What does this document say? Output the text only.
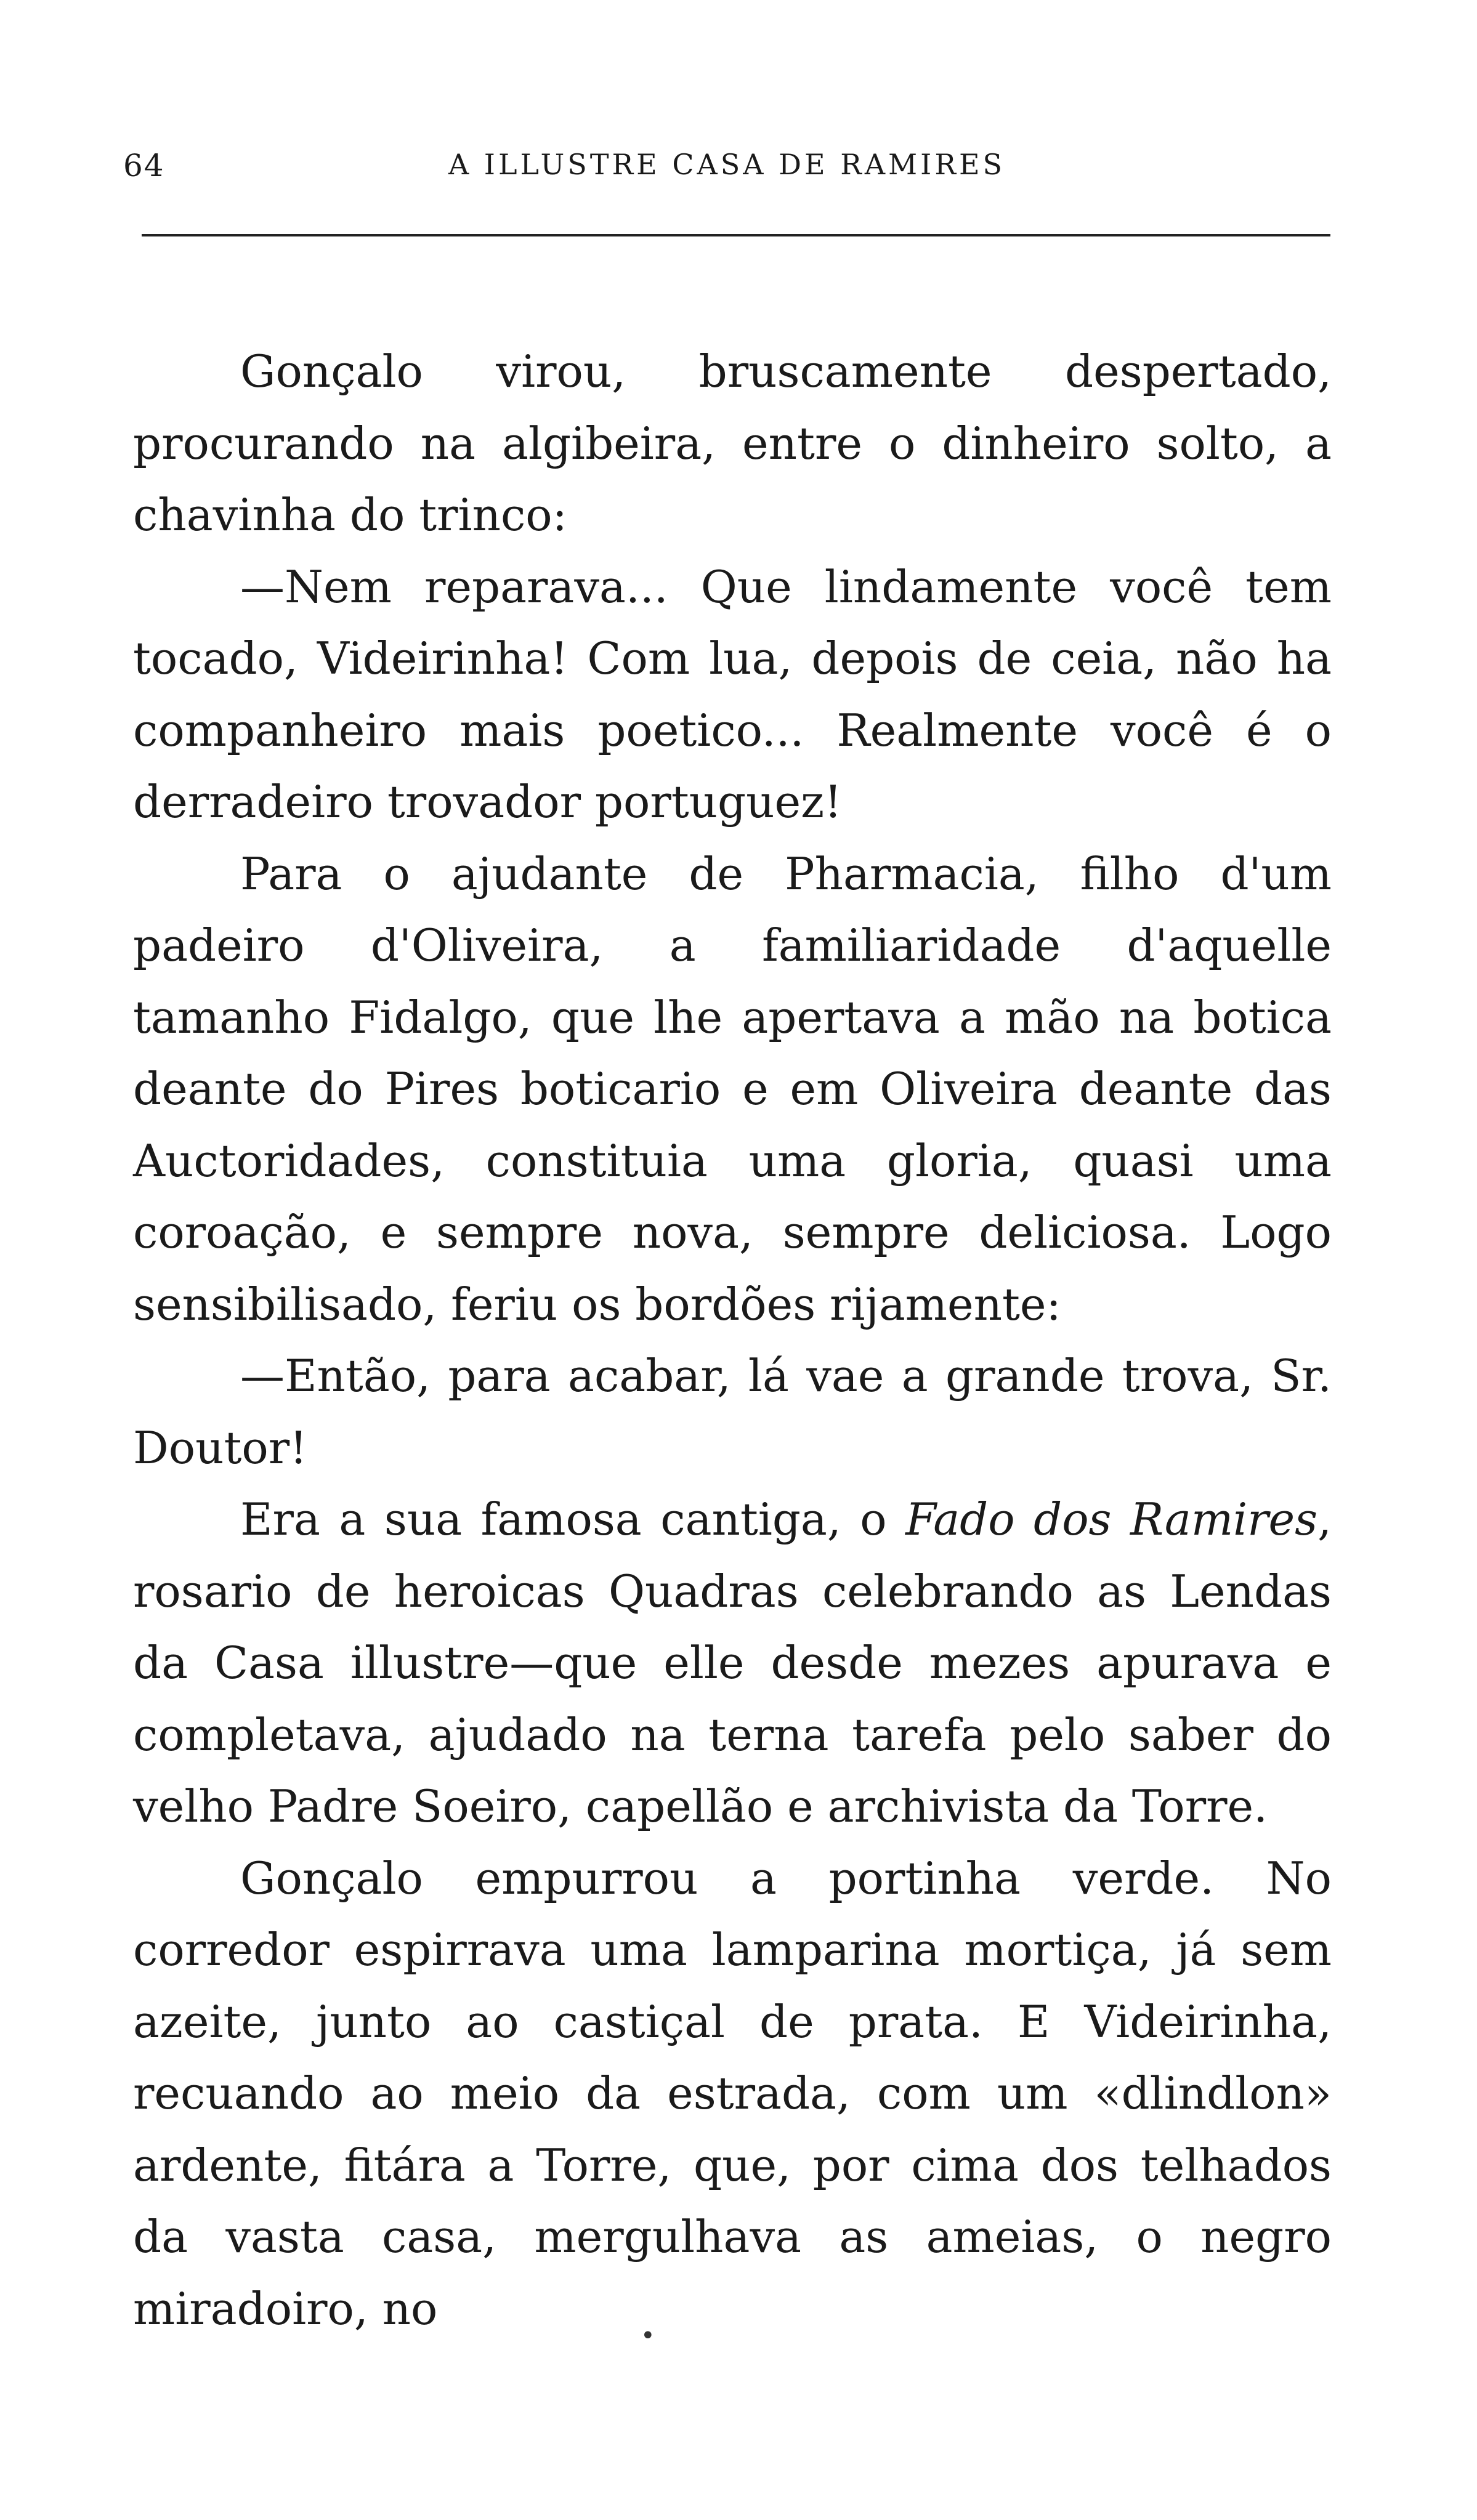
64	A ILLUSTRE CASA DE RAMIRES

Gonçalo virou, bruscamente despertado, procurando na algibeira, entre o dinheiro solto, a chavinha do trinco:

—Nem reparava... Que lindamente você tem tocado, Videirinha! Com lua, depois de ceia, não ha companheiro mais poetico... Realmente você é o derradeiro trovador portuguez!

Para o ajudante de Pharmacia, filho d'um padeiro d'Oliveira, a familiaridade d'aquelle tamanho Fidalgo, que lhe apertava a mão na botica deante do Pires boticario e em Oliveira deante das Auctoridades, constituia uma gloria, quasi uma coroação, e sempre nova, sempre deliciosa. Logo sensibilisado, feriu os bordões rijamente:

—Então, para acabar, lá vae a grande trova, Sr. Doutor!

Era a sua famosa cantiga, o Fado dos Ramires, rosario de heroicas Quadras celebrando as Lendas da Casa illustre—que elle desde mezes apurava e completava, ajudado na terna tarefa pelo saber do velho Padre Soeiro, capellão e archivista da Torre.

Gonçalo empurrou a portinha verde. No corredor espirrava uma lamparina mortiça, já sem azeite, junto ao castiçal de prata. E Videirinha, recuando ao meio da estrada, com um «dlindlon» ardente, fitára a Torre, que, por cima dos telhados da vasta casa, mergulhava as ameias, o negro miradoiro, no

•
